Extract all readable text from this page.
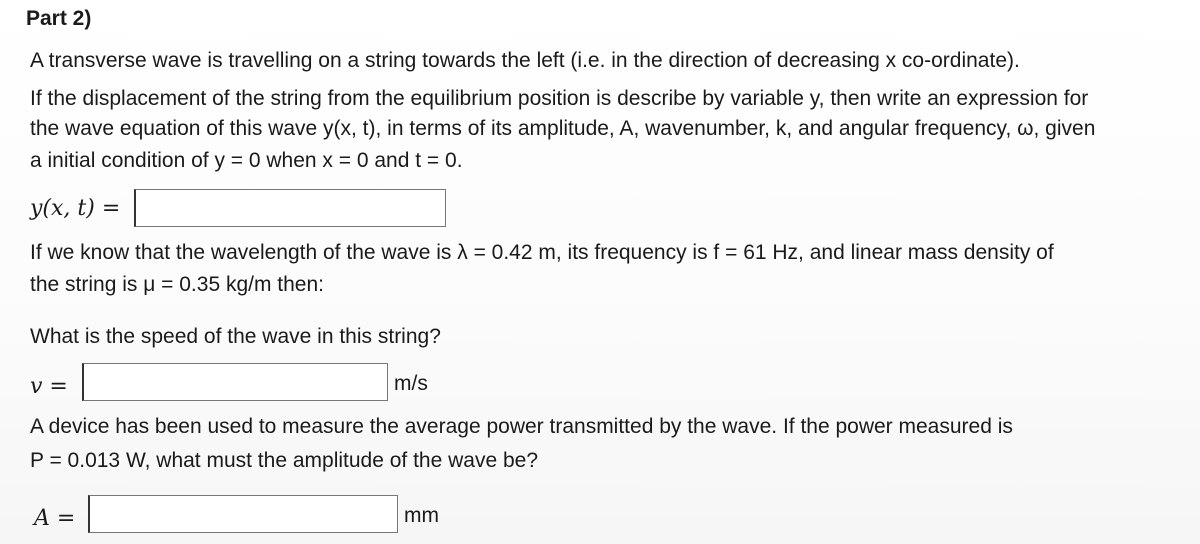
Part 2)
A transverse wave is travelling on a string towards the left (i.e. in the direction of decreasing x co-ordinate).
If the displacement of the string from the equilibrium position is describe by variable y, then write an expression for
the wave equation of this wave y(x, t), in terms of its amplitude, A, wavenumber, k, and angular frequency, ω, given
a initial condition of y = 0 when x = 0 and t = 0.
y(x, t) =
If we know that the wavelength of the wave is λ = 0.42 m, its frequency is f = 61 Hz, and linear mass density of
the string is μ = 0.35 kg/m then:
What is the speed of the wave in this string?
v =	m/s
A device has been used to measure the average power transmitted by the wave. If the power measured is
P = 0.013 W, what must the amplitude of the wave be?
A =	mm
